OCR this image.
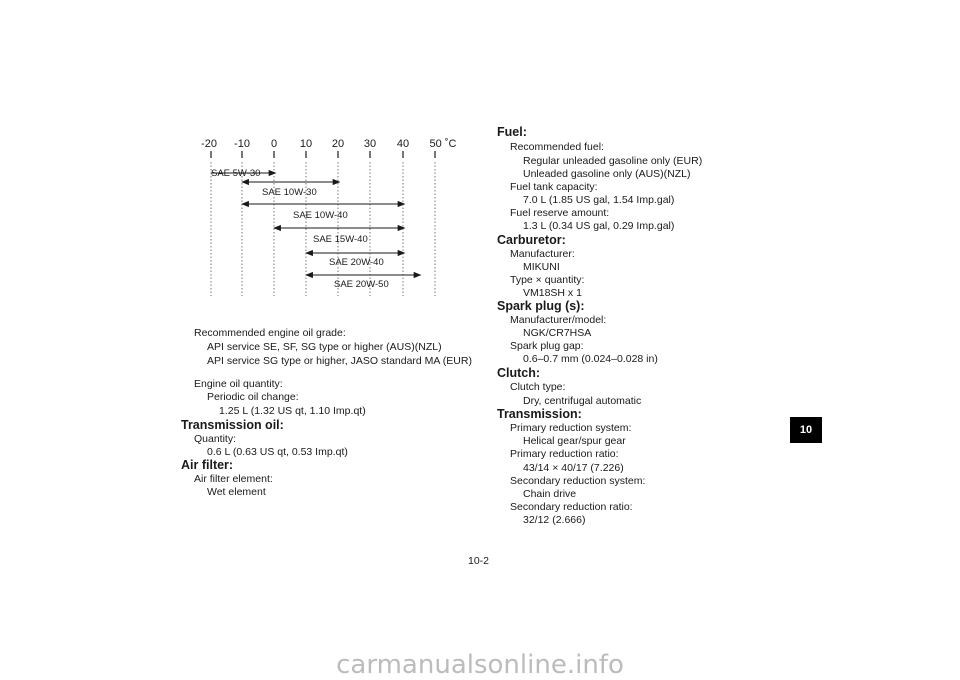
-20 -10 0 10 20 30 40 50 ˚C
SAE 5W-30
SAE 10W-30
SAE 10W-40
SAE 15W-40
SAE 20W-40
SAE 20W-50
Recommended engine oil grade:
API service SE, SF, SG type or higher (AUS)(NZL)
API service SG type or higher, JASO standard MA (EUR)
Engine oil quantity:
Periodic oil change:
1.25 L (1.32 US qt, 1.10 Imp.qt)
Transmission oil:
Quantity:
0.6 L (0.63 US qt, 0.53 Imp.qt)
Air filter:
Air filter element:
Wet element
Fuel:
Recommended fuel:
Regular unleaded gasoline only (EUR)
Unleaded gasoline only (AUS)(NZL)
Fuel tank capacity:
7.0 L (1.85 US gal, 1.54 Imp.gal)
Fuel reserve amount:
1.3 L (0.34 US gal, 0.29 Imp.gal)
Carburetor:
Manufacturer:
MIKUNI
Type × quantity:
VM18SH x 1
Spark plug (s):
Manufacturer/model:
NGK/CR7HSA
Spark plug gap:
0.6–0.7 mm (0.024–0.028 in)
Clutch:
Clutch type:
Dry, centrifugal automatic
Transmission:
Primary reduction system:
Helical gear/spur gear
Primary reduction ratio:
43/14 × 40/17 (7.226)
Secondary reduction system:
Chain drive
Secondary reduction ratio:
32/12 (2.666)
10-2
10
carmanualsonline.info
